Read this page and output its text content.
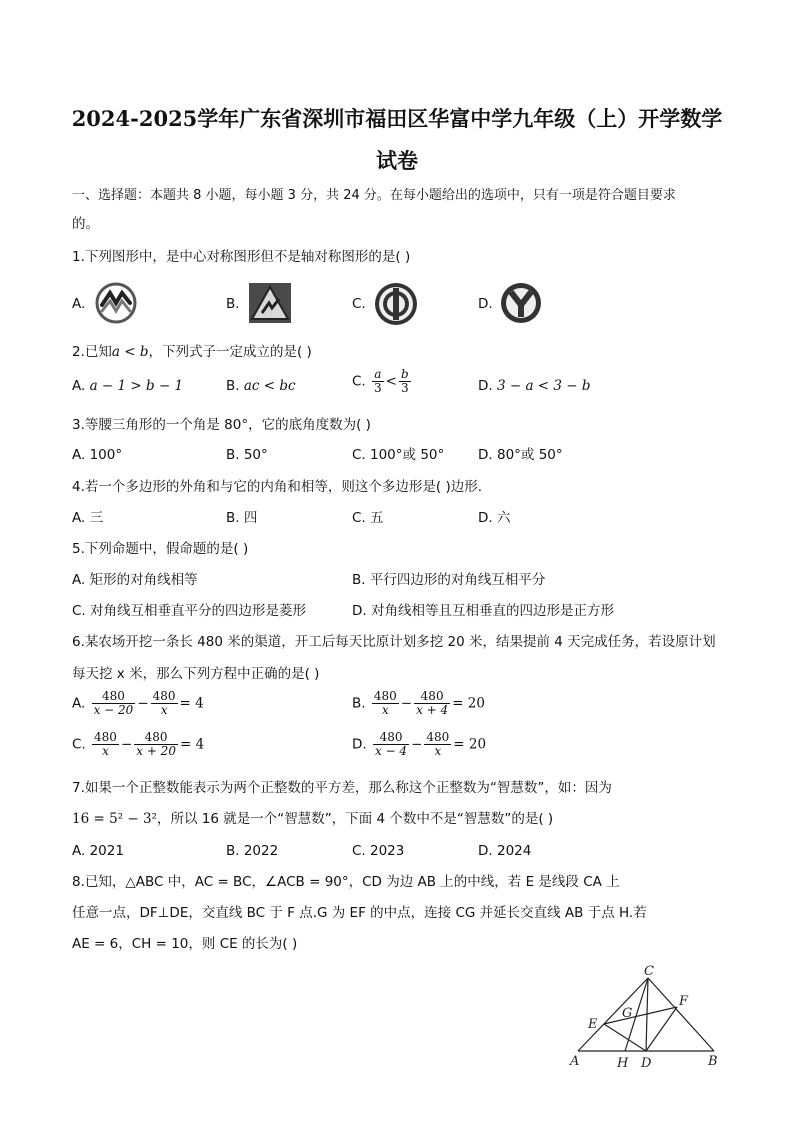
2024-2025学年广东省深圳市福田区华富中学九年级（上）开学数学
试卷
一、选择题：本题共 8 小题，每小题 3 分，共 24 分。在每小题给出的选项中，只有一项是符合题目要求
的。
1.下列图形中，是中心对称图形但不是轴对称图形的是( )
A.	B.	C.	D.
2.已知a < b，下列式子一定成立的是( )
A. a − 1 > b − 1	B. ac < bc	C. $\frac{a}{3} < \frac{b}{3}$	D. 3 − a < 3 − b
3.等腰三角形的一个角是 80°，它的底角度数为( )
A. 100°	B. 50°	C. 100°或 50°	D. 80°或 50°
4.若一个多边形的外角和与它的内角和相等，则这个多边形是( )边形.
A. 三	B. 四	C. 五	D. 六
5.下列命题中，假命题的是( )
A. 矩形的对角线相等	B. 平行四边形的对角线互相平分
C. 对角线互相垂直平分的四边形是菱形	D. 对角线相等且互相垂直的四边形是正方形
6.某农场开挖一条长 480 米的渠道，开工后每天比原计划多挖 20 米，结果提前 4 天完成任务，若设原计划
每天挖 x 米，那么下列方程中正确的是( )
A. $\frac{480}{x - 20} - \frac{480}{x} = 4$	B. $\frac{480}{x} - \frac{480}{x + 4} = 20$
C. $\frac{480}{x} - \frac{480}{x + 20} = 4$	D. $\frac{480}{x - 4} - \frac{480}{x} = 20$
7.如果一个正整数能表示为两个正整数的平方差，那么称这个正整数为“智慧数”，如：因为
16 = 5² − 3²，所以 16 就是一个“智慧数”，下面 4 个数中不是“智慧数”的是( )
A. 2021	B. 2022	C. 2023	D. 2024
8.已知，△ABC 中，AC = BC，∠ACB = 90°，CD 为边 AB 上的中线，若 E 是线段 CA 上
任意一点，DF⊥DE，交直线 BC 于 F 点.G 为 EF 的中点，连接 CG 并延长交直线 AB 于点 H.若
AE = 6，CH = 10，则 CE 的长为( )
C
F
E
G
A	H D	B
